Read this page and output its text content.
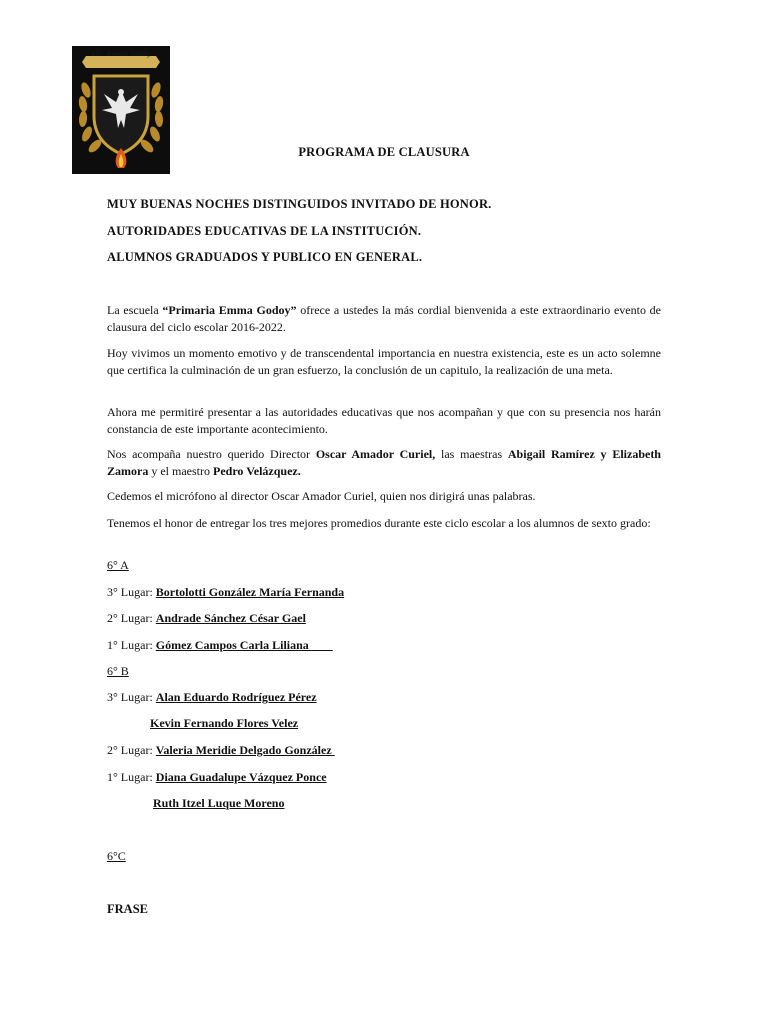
Esc. Emma Godoy
PROGRAMA DE CLAUSURA
MUY BUENAS NOCHES DISTINGUIDOS INVITADO DE HONOR.
AUTORIDADES EDUCATIVAS DE LA INSTITUCIÓN.
ALUMNOS GRADUADOS Y PUBLICO EN GENERAL.
La escuela “Primaria Emma Godoy” ofrece a ustedes la más cordial bienvenida a este extraordinario evento de clausura del ciclo escolar 2016-2022.
Hoy vivimos un momento emotivo y de transcendental importancia en nuestra existencia, este es un acto solemne que certifica la culminación de un gran esfuerzo, la conclusión de un capitulo, la realización de una meta.
Ahora me permitiré presentar a las autoridades educativas que nos acompañan y que con su presencia nos harán constancia de este importante acontecimiento.
Nos acompaña nuestro querido Director Oscar Amador Curiel, las maestras Abigail Ramírez y Elizabeth Zamora y el maestro Pedro Velázquez.
Cedemos el micrófono al director Oscar Amador Curiel, quien nos dirigirá unas palabras.
Tenemos el honor de entregar los tres mejores promedios durante este ciclo escolar a los alumnos de sexto grado:
6° A
3° Lugar: Bortolotti González María Fernanda
2° Lugar: Andrade Sánchez César Gael
1° Lugar: Gómez Campos Carla Liliana
6° B
3° Lugar: Alan Eduardo Rodríguez Pérez
Kevin Fernando Flores Velez
2° Lugar: Valeria Meridie Delgado González
1° Lugar: Diana Guadalupe Vázquez Ponce
Ruth Itzel Luque Moreno
6°C
FRASE
